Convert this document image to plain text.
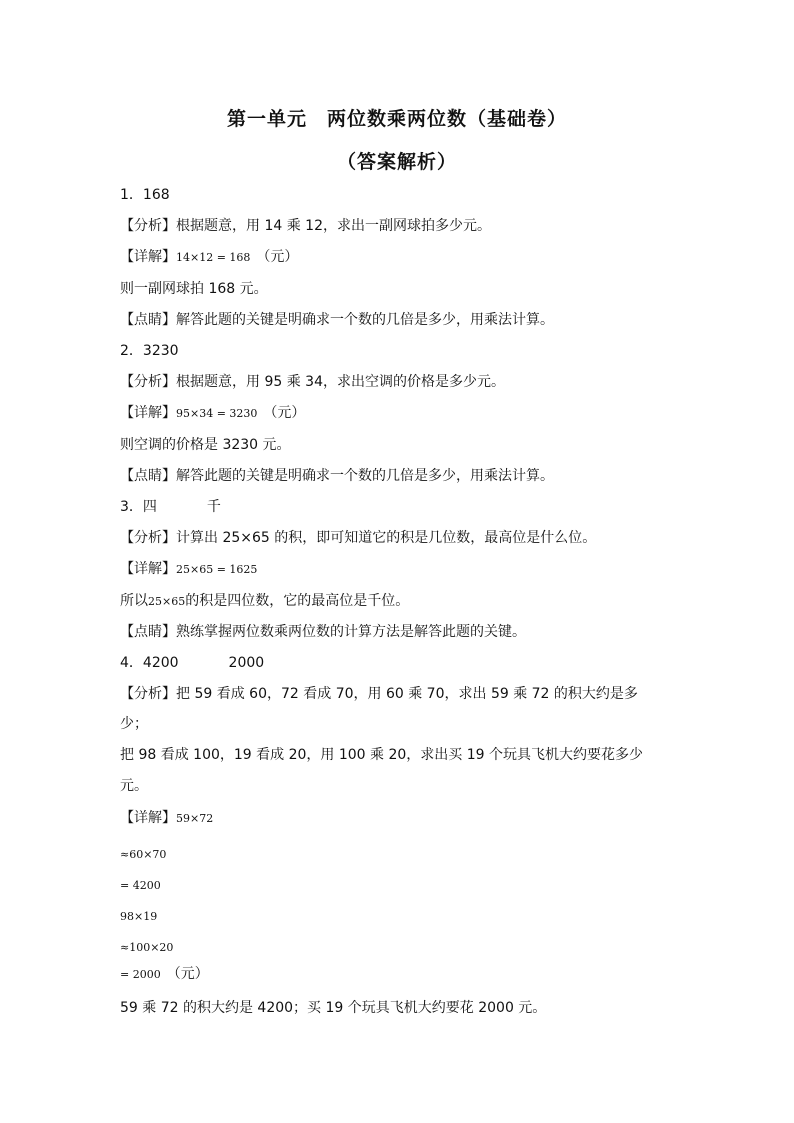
第一单元　两位数乘两位数（基础卷）
（答案解析）
1．168
【分析】根据题意，用 14 乘 12，求出一副网球拍多少元。
【详解】14×12 = 168 （元）
则一副网球拍 168 元。
【点睛】解答此题的关键是明确求一个数的几倍是多少，用乘法计算。
2．3230
【分析】根据题意，用 95 乘 34，求出空调的价格是多少元。
【详解】95×34 = 3230 （元）
则空调的价格是 3230 元。
【点睛】解答此题的关键是明确求一个数的几倍是多少，用乘法计算。
3．四	千
【分析】计算出 25×65 的积，即可知道它的积是几位数，最高位是什么位。
【详解】25×65 = 1625
所以25×65的积是四位数，它的最高位是千位。
【点睛】熟练掌握两位数乘两位数的计算方法是解答此题的关键。
4．4200	2000
【分析】把 59 看成 60，72 看成 70，用 60 乘 70，求出 59 乘 72 的积大约是多
少；
把 98 看成 100，19 看成 20，用 100 乘 20，求出买 19 个玩具飞机大约要花多少
元。
【详解】59×72
≈60×70
= 4200
98×19
≈100×20
= 2000 （元）
59 乘 72 的积大约是 4200；买 19 个玩具飞机大约要花 2000 元。
